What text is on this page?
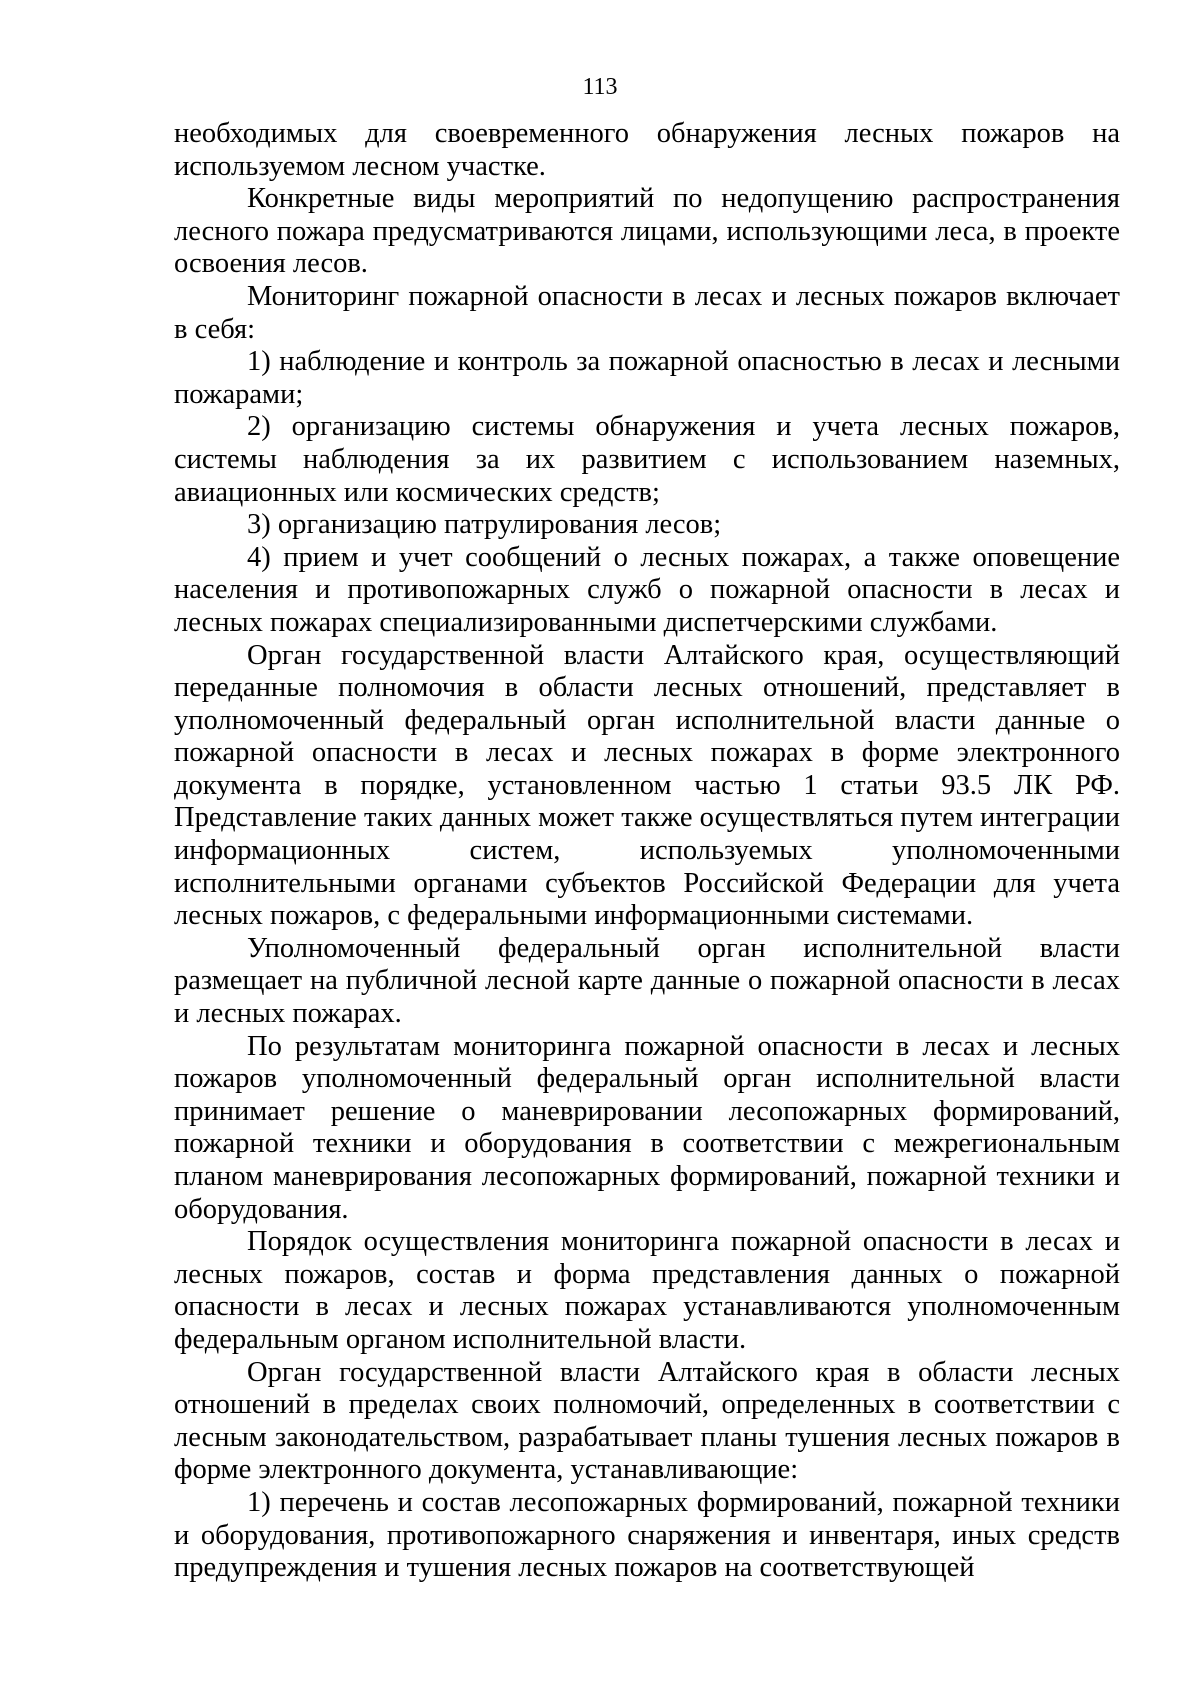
113

необходимых для своевременного обнаружения лесных пожаров на используемом лесном участке.

Конкретные виды мероприятий по недопущению распространения лесного пожара предусматриваются лицами, использующими леса, в проекте освоения лесов.

Мониторинг пожарной опасности в лесах и лесных пожаров включает в себя:

1) наблюдение и контроль за пожарной опасностью в лесах и лесными пожарами;

2) организацию системы обнаружения и учета лесных пожаров, системы наблюдения за их развитием с использованием наземных, авиационных или космических средств;

3) организацию патрулирования лесов;

4) прием и учет сообщений о лесных пожарах, а также оповещение населения и противопожарных служб о пожарной опасности в лесах и лесных пожарах специализированными диспетчерскими службами.

Орган государственной власти Алтайского края, осуществляющий переданные полномочия в области лесных отношений, представляет в уполномоченный федеральный орган исполнительной власти данные о пожарной опасности в лесах и лесных пожарах в форме электронного документа в порядке, установленном частью 1 статьи 93.5 ЛК РФ. Представление таких данных может также осуществляться путем интеграции информационных систем, используемых уполномоченными исполнительными органами субъектов Российской Федерации для учета лесных пожаров, с федеральными информационными системами.

Уполномоченный федеральный орган исполнительной власти размещает на публичной лесной карте данные о пожарной опасности в лесах и лесных пожарах.

По результатам мониторинга пожарной опасности в лесах и лесных пожаров уполномоченный федеральный орган исполнительной власти принимает решение о маневрировании лесопожарных формирований, пожарной техники и оборудования в соответствии с межрегиональным планом маневрирования лесопожарных формирований, пожарной техники и оборудования.

Порядок осуществления мониторинга пожарной опасности в лесах и лесных пожаров, состав и форма представления данных о пожарной опасности в лесах и лесных пожарах устанавливаются уполномоченным федеральным органом исполнительной власти.

Орган государственной власти Алтайского края в области лесных отношений в пределах своих полномочий, определенных в соответствии с лесным законодательством, разрабатывает планы тушения лесных пожаров в форме электронного документа, устанавливающие:

1) перечень и состав лесопожарных формирований, пожарной техники и оборудования, противопожарного снаряжения и инвентаря, иных средств предупреждения и тушения лесных пожаров на соответствующей
